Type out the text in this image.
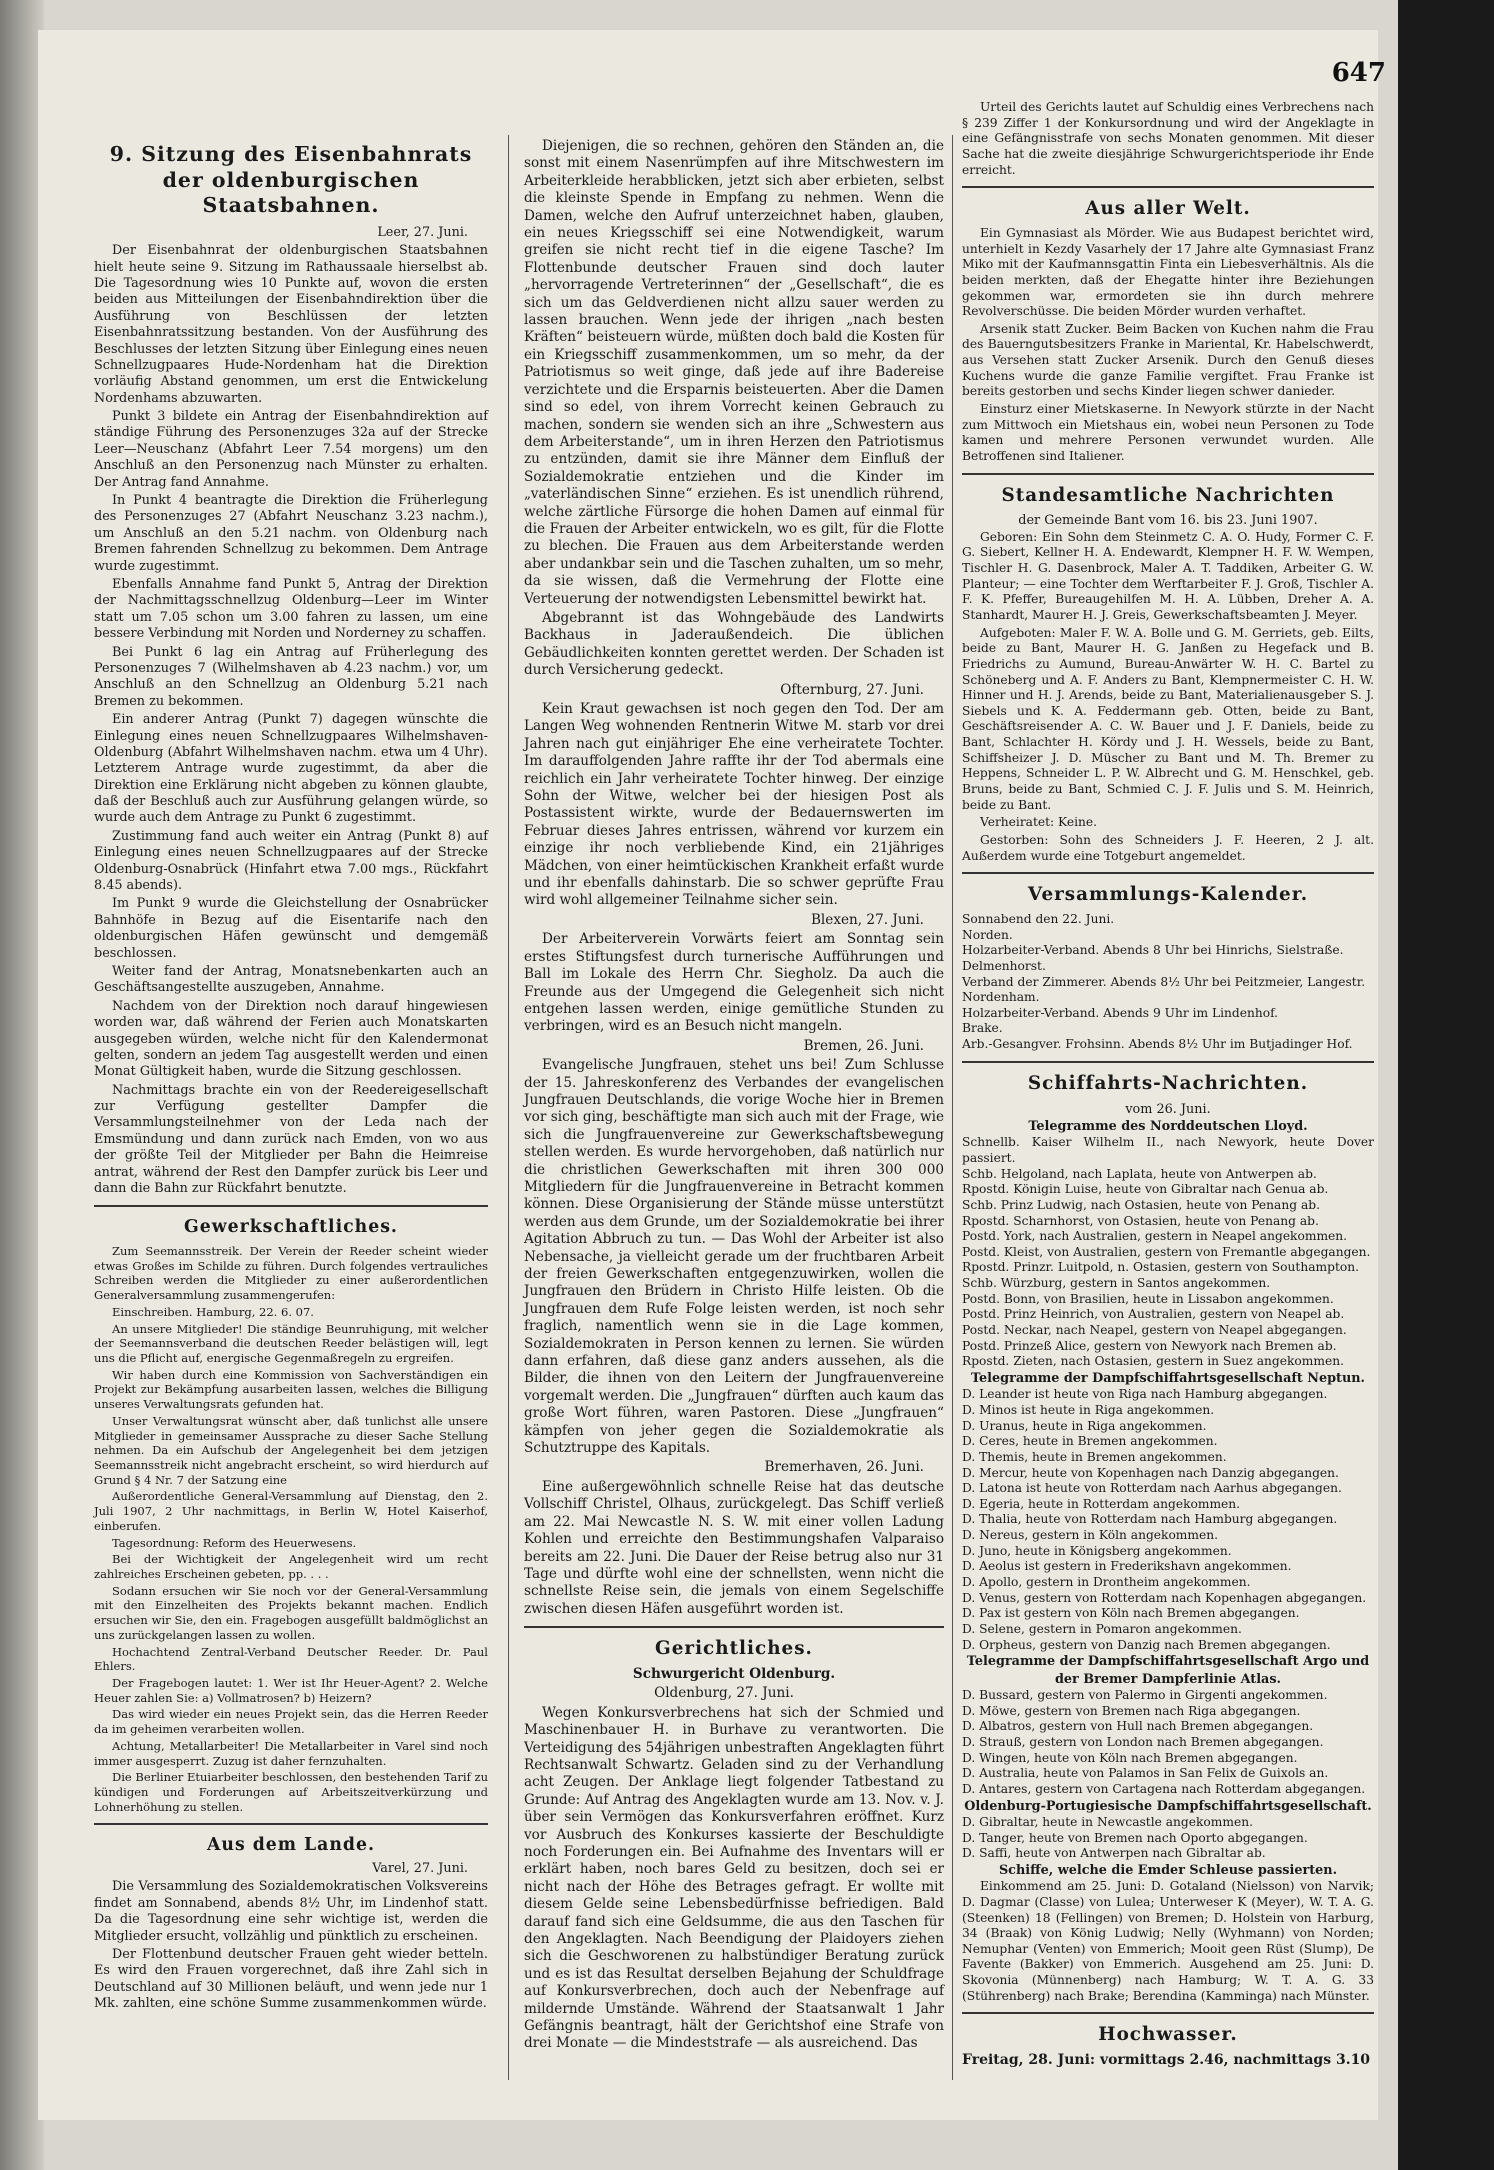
647
9. Sitzung des Eisenbahnrats der oldenburgischen Staatsbahnen.
Leer, 27. Juni.

Der Eisenbahnrat der oldenburgischen Staatsbahnen hielt heute seine 9. Sitzung im Rathaussaale hierselbst ab. Die Tagesordnung wies 10 Punkte auf, wovon die ersten beiden aus Mitteilungen der Eisenbahndirektion über die Ausführung von Beschlüssen der letzten Eisenbahnratssitzung bestanden. Von der Ausführung des Beschlusses der letzten Sitzung über Einlegung eines neuen Schnellzugpaares Hude-Nordenham hat die Direktion vorläufig Abstand genommen, um erst die Entwickelung Nordenhams abzuwarten.

Punkt 3 bildete ein Antrag der Eisenbahndirektion auf ständige Führung des Personenzuges 32a auf der Strecke Leer—Neuschanz (Abfahrt Leer 7.54 morgens) um den Anschluß an den Personenzug nach Münster zu erhalten. Der Antrag fand Annahme.

In Punkt 4 beantragte die Direktion die Früherlegung des Personenzuges 27 (Abfahrt Neuschanz 3.23 nachm.), um Anschluß an den 5.21 nachm. von Oldenburg nach Bremen fahrenden Schnellzug zu bekommen. Dem Antrage wurde zugestimmt.

Ebenfalls Annahme fand Punkt 5, Antrag der Direktion der Nachmittagsschnellzug Oldenburg—Leer im Winter statt um 7.05 schon um 3.00 fahren zu lassen, um eine bessere Verbindung mit Norden und Norderney zu schaffen.

Bei Punkt 6 lag ein Antrag auf Früherlegung des Personenzuges 7 (Wilhelmshaven ab 4.23 nachm.) vor, um Anschluß an den Schnellzug an Oldenburg 5.21 nach Bremen zu bekommen.

Ein anderer Antrag (Punkt 7) dagegen wünschte die Einlegung eines neuen Schnellzugpaares Wilhelmshaven-Oldenburg (Abfahrt Wilhelmshaven nachm. etwa um 4 Uhr). Letzterem Antrage wurde zugestimmt, da aber die Direktion eine Erklärung nicht abgeben zu können glaubte, daß der Beschluß auch zur Ausführung gelangen würde, so wurde auch dem Antrage zu Punkt 6 zugestimmt.

Zustimmung fand auch weiter ein Antrag (Punkt 8) auf Einlegung eines neuen Schnellzugpaares auf der Strecke Oldenburg-Osnabrück (Hinfahrt etwa 7.00 mgs., Rückfahrt 8.45 abends).

Im Punkt 9 wurde die Gleichstellung der Osnabrücker Bahnhöfe in Bezug auf die Eisentarife nach den oldenburgischen Häfen gewünscht und demgemäß beschlossen.

Weiter fand der Antrag, Monatsnebenkarten auch an Geschäftsangestellte auszugeben, Annahme.

Nachdem von der Direktion noch darauf hingewiesen worden war, daß während der Ferien auch Monatskarten ausgegeben würden, welche nicht für den Kalendermonat gelten, sondern an jedem Tag ausgestellt werden und einen Monat Gültigkeit haben, wurde die Sitzung geschlossen.

Nachmittags brachte ein von der Reedereigesellschaft zur Verfügung gestellter Dampfer die Versammlungsteilnehmer von der Leda nach der Emsmündung und dann zurück nach Emden, von wo aus der größte Teil der Mitglieder per Bahn die Heimreise antrat, während der Rest den Dampfer zurück bis Leer und dann die Bahn zur Rückfahrt benutzte.

Gewerkschaftliches.

Zum Seemannsstreik. Der Verein der Reeder scheint wieder etwas Großes im Schilde zu führen. Durch folgendes vertrauliches Schreiben werden die Mitglieder zu einer außerordentlichen Generalversammlung zusammengerufen:

Einschreiben. Hamburg, 22. 6. 07.

An unsere Mitglieder! Die ständige Beunruhigung, mit welcher der Seemannsverband die deutschen Reeder belästigen will, legt uns die Pflicht auf, energische Gegenmaßregeln zu ergreifen.

Wir haben durch eine Kommission von Sachverständigen ein Projekt zur Bekämpfung ausarbeiten lassen, welches die Billigung unseres Verwaltungsrats gefunden hat.

Unser Verwaltungsrat wünscht aber, daß tunlichst alle unsere Mitglieder in gemeinsamer Aussprache zu dieser Sache Stellung nehmen. Da ein Aufschub der Angelegenheit bei dem jetzigen Seemannsstreik nicht angebracht erscheint, so wird hierdurch auf Grund § 4 Nr. 7 der Satzung eine

Außerordentliche General-Versammlung auf Dienstag, den 2. Juli 1907, 2 Uhr nachmittags, in Berlin W, Hotel Kaiserhof, einberufen.

Tagesordnung: Reform des Heuerwesens.

Bei der Wichtigkeit der Angelegenheit wird um recht zahlreiches Erscheinen gebeten, pp. . . .

Sodann ersuchen wir Sie noch vor der General-Versammlung mit den Einzelheiten des Projekts bekannt machen. Endlich ersuchen wir Sie, den ein. Fragebogen ausgefüllt baldmöglichst an uns zurückgelangen lassen zu wollen.

Hochachtend Zentral-Verband Deutscher Reeder. Dr. Paul Ehlers.

Der Fragebogen lautet: 1. Wer ist Ihr Heuer-Agent? 2. Welche Heuer zahlen Sie: a) Vollmatrosen? b) Heizern?

Das wird wieder ein neues Projekt sein, das die Herren Reeder da im geheimen verarbeiten wollen.

Achtung, Metallarbeiter! Die Metallarbeiter in Varel sind noch immer ausgesperrt. Zuzug ist daher fernzuhalten.

Die Berliner Etuiarbeiter beschlossen, den bestehenden Tarif zu kündigen und Forderungen auf Arbeitszeitverkürzung und Lohnerhöhung zu stellen.

Aus dem Lande.
Varel, 27. Juni.

Die Versammlung des Sozialdemokratischen Volksvereins findet am Sonnabend, abends 8½ Uhr, im Lindenhof statt. Da die Tagesordnung eine sehr wichtige ist, werden die Mitglieder ersucht, vollzählig und pünktlich zu erscheinen.

Der Flottenbund deutscher Frauen geht wieder betteln. Es wird den Frauen vorgerechnet, daß ihre Zahl sich in Deutschland auf 30 Millionen beläuft, und wenn jede nur 1 Mk. zahlten, eine schöne Summe zusammenkommen würde.

Diejenigen, die so rechnen, gehören den Ständen an, die sonst mit einem Nasenrümpfen auf ihre Mitschwestern im Arbeiterkleide herabblicken, jetzt sich aber erbieten, selbst die kleinste Spende in Empfang zu nehmen. Wenn die Damen, welche den Aufruf unterzeichnet haben, glauben, ein neues Kriegsschiff sei eine Notwendigkeit, warum greifen sie nicht recht tief in die eigene Tasche? Im Flottenbunde deutscher Frauen sind doch lauter „hervorragende Vertreterinnen“ der „Gesellschaft“, die es sich um das Geldverdienen nicht allzu sauer werden zu lassen brauchen. Wenn jede der ihrigen „nach besten Kräften“ beisteuern würde, müßten doch bald die Kosten für ein Kriegsschiff zusammenkommen, um so mehr, da der Patriotismus so weit ginge, daß jede auf ihre Badereise verzichtete und die Ersparnis beisteuerten. Aber die Damen sind so edel, von ihrem Vorrecht keinen Gebrauch zu machen, sondern sie wenden sich an ihre „Schwestern aus dem Arbeiterstande“, um in ihren Herzen den Patriotismus zu entzünden, damit sie ihre Männer dem Einfluß der Sozialdemokratie entziehen und die Kinder im „vaterländischen Sinne“ erziehen. Es ist unendlich rührend, welche zärtliche Fürsorge die hohen Damen auf einmal für die Frauen der Arbeiter entwickeln, wo es gilt, für die Flotte zu blechen. Die Frauen aus dem Arbeiterstande werden aber undankbar sein und die Taschen zuhalten, um so mehr, da sie wissen, daß die Vermehrung der Flotte eine Verteuerung der notwendigsten Lebensmittel bewirkt hat.

Abgebrannt ist das Wohngebäude des Landwirts Backhaus in Jaderaußendeich. Die üblichen Gebäudlichkeiten konnten gerettet werden. Der Schaden ist durch Versicherung gedeckt.

Ofternburg, 27. Juni.

Kein Kraut gewachsen ist noch gegen den Tod. Der am Langen Weg wohnenden Rentnerin Witwe M. starb vor drei Jahren nach gut einjähriger Ehe eine verheiratete Tochter. Im darauffolgenden Jahre raffte ihr der Tod abermals eine reichlich ein Jahr verheiratete Tochter hinweg. Der einzige Sohn der Witwe, welcher bei der hiesigen Post als Postassistent wirkte, wurde der Bedauernswerten im Februar dieses Jahres entrissen, während vor kurzem ein einzige ihr noch verbliebende Kind, ein 21jähriges Mädchen, von einer heimtückischen Krankheit erfaßt wurde und ihr ebenfalls dahinstarb. Die so schwer geprüfte Frau wird wohl allgemeiner Teilnahme sicher sein.

Blexen, 27. Juni.

Der Arbeiterverein Vorwärts feiert am Sonntag sein erstes Stiftungsfest durch turnerische Aufführungen und Ball im Lokale des Herrn Chr. Siegholz. Da auch die Freunde aus der Umgegend die Gelegenheit sich nicht entgehen lassen werden, einige gemütliche Stunden zu verbringen, wird es an Besuch nicht mangeln.

Bremen, 26. Juni.

Evangelische Jungfrauen, stehet uns bei! Zum Schlusse der 15. Jahreskonferenz des Verbandes der evangelischen Jungfrauen Deutschlands, die vorige Woche hier in Bremen vor sich ging, beschäftigte man sich auch mit der Frage, wie sich die Jungfrauenvereine zur Gewerkschaftsbewegung stellen werden. Es wurde hervorgehoben, daß natürlich nur die christlichen Gewerkschaften mit ihren 300 000 Mitgliedern für die Jungfrauenvereine in Betracht kommen können. Diese Organisierung der Stände müsse unterstützt werden aus dem Grunde, um der Sozialdemokratie bei ihrer Agitation Abbruch zu tun. — Das Wohl der Arbeiter ist also Nebensache, ja vielleicht gerade um der fruchtbaren Arbeit der freien Gewerkschaften entgegenzuwirken, wollen die Jungfrauen den Brüdern in Christo Hilfe leisten. Ob die Jungfrauen dem Rufe Folge leisten werden, ist noch sehr fraglich, namentlich wenn sie in die Lage kommen, Sozialdemokraten in Person kennen zu lernen. Sie würden dann erfahren, daß diese ganz anders aussehen, als die Bilder, die ihnen von den Leitern der Jungfrauenvereine vorgemalt werden. Die „Jungfrauen“ dürften auch kaum das große Wort führen, waren Pastoren. Diese „Jungfrauen“ kämpfen von jeher gegen die Sozialdemokratie als Schutztruppe des Kapitals.

Bremerhaven, 26. Juni.

Eine außergewöhnlich schnelle Reise hat das deutsche Vollschiff Christel, Olhaus, zurückgelegt. Das Schiff verließ am 22. Mai Newcastle N. S. W. mit einer vollen Ladung Kohlen und erreichte den Bestimmungshafen Valparaiso bereits am 22. Juni. Die Dauer der Reise betrug also nur 31 Tage und dürfte wohl eine der schnellsten, wenn nicht die schnellste Reise sein, die jemals von einem Segelschiffe zwischen diesen Häfen ausgeführt worden ist.

Gerichtliches.
Schwurgericht Oldenburg.
Oldenburg, 27. Juni.

Wegen Konkursverbrechens hat sich der Schmied und Maschinenbauer H. in Burhave zu verantworten. Die Verteidigung des 54jährigen unbestraften Angeklagten führt Rechtsanwalt Schwartz. Geladen sind zu der Verhandlung acht Zeugen. Der Anklage liegt folgender Tatbestand zu Grunde: Auf Antrag des Angeklagten wurde am 13. Nov. v. J. über sein Vermögen das Konkursverfahren eröffnet. Kurz vor Ausbruch des Konkurses kassierte der Beschuldigte noch Forderungen ein. Bei Aufnahme des Inventars will er erklärt haben, noch bares Geld zu besitzen, doch sei er nicht nach der Höhe des Betrages gefragt. Er wollte mit diesem Gelde seine Lebensbedürfnisse befriedigen. Bald darauf fand sich eine Geldsumme, die aus den Taschen für den Angeklagten. Nach Beendigung der Plaidoyers ziehen sich die Geschworenen zu halbstündiger Beratung zurück und es ist das Resultat derselben Bejahung der Schuldfrage auf Konkursverbrechen, doch auch der Nebenfrage auf mildernde Umstände. Während der Staatsanwalt 1 Jahr Gefängnis beantragt, hält der Gerichtshof eine Strafe von drei Monate — die Mindeststrafe — als ausreichend. Das

Urteil des Gerichts lautet auf Schuldig eines Verbrechens nach § 239 Ziffer 1 der Konkursordnung und wird der Angeklagte in eine Gefängnisstrafe von sechs Monaten genommen. Mit dieser Sache hat die zweite diesjährige Schwurgerichtsperiode ihr Ende erreicht.

Aus aller Welt.

Ein Gymnasiast als Mörder. Wie aus Budapest berichtet wird, unterhielt in Kezdy Vasarhely der 17 Jahre alte Gymnasiast Franz Miko mit der Kaufmannsgattin Finta ein Liebesverhältnis. Als die beiden merkten, daß der Ehegatte hinter ihre Beziehungen gekommen war, ermordeten sie ihn durch mehrere Revolverschüsse. Die beiden Mörder wurden verhaftet.

Arsenik statt Zucker. Beim Backen von Kuchen nahm die Frau des Bauerngutsbesitzers Franke in Mariental, Kr. Habelschwerdt, aus Versehen statt Zucker Arsenik. Durch den Genuß dieses Kuchens wurde die ganze Familie vergiftet. Frau Franke ist bereits gestorben und sechs Kinder liegen schwer danieder.

Einsturz einer Mietskaserne. In Newyork stürzte in der Nacht zum Mittwoch ein Mietshaus ein, wobei neun Personen zu Tode kamen und mehrere Personen verwundet wurden. Alle Betroffenen sind Italiener.

Standesamtliche Nachrichten
der Gemeinde Bant vom 16. bis 23. Juni 1907.

Geboren: Ein Sohn dem Steinmetz C. A. O. Hudy, Former C. F. G. Siebert, Kellner H. A. Endewardt, Klempner H. F. W. Wempen, Tischler H. G. Dasenbrock, Maler A. T. Taddiken, Arbeiter G. W. Planteur; — eine Tochter dem Werftarbeiter F. J. Groß, Tischler A. F. K. Pfeffer, Bureaugehilfen M. H. A. Lübben, Dreher A. A. Stanhardt, Maurer H. J. Greis, Gewerkschaftsbeamten J. Meyer.

Aufgeboten: Maler F. W. A. Bolle und G. M. Gerriets, geb. Eilts, beide zu Bant, Maurer H. G. Janßen zu Hegefack und B. Friedrichs zu Aumund, Bureau-Anwärter W. H. C. Bartel zu Schöneberg und A. F. Anders zu Bant, Klempnermeister C. H. W. Hinner und H. J. Arends, beide zu Bant, Materialienausgeber S. J. Siebels und K. A. Feddermann geb. Otten, beide zu Bant, Geschäftsreisender A. C. W. Bauer und J. F. Daniels, beide zu Bant, Schlachter H. Kördy und J. H. Wessels, beide zu Bant, Schiffsheizer J. D. Müscher zu Bant und M. Th. Bremer zu Heppens, Schneider L. P. W. Albrecht und G. M. Henschkel, geb. Bruns, beide zu Bant, Schmied C. J. F. Julis und S. M. Heinrich, beide zu Bant.

Verheiratet: Keine.

Gestorben: Sohn des Schneiders J. F. Heeren, 2 J. alt. Außerdem wurde eine Totgeburt angemeldet.

Versammlungs-Kalender.
Sonnabend den 22. Juni.
Norden.
Holzarbeiter-Verband. Abends 8 Uhr bei Hinrichs, Sielstraße.
Delmenhorst.
Verband der Zimmerer. Abends 8½ Uhr bei Peitzmeier, Langestr.
Nordenham.
Holzarbeiter-Verband. Abends 9 Uhr im Lindenhof.
Brake.
Arb.-Gesangver. Frohsinn. Abends 8½ Uhr im Butjadinger Hof.
Schiffahrts-Nachrichten.
vom 26. Juni.
Telegramme des Norddeutschen Lloyd.
Schnellb. Kaiser Wilhelm II., nach Newyork, heute Dover passiert.
Schb. Helgoland, nach Laplata, heute von Antwerpen ab.
Rpostd. Königin Luise, heute von Gibraltar nach Genua ab.
Schb. Prinz Ludwig, nach Ostasien, heute von Penang ab.
Rpostd. Scharnhorst, von Ostasien, heute von Penang ab.
Postd. York, nach Australien, gestern in Neapel angekommen.
Postd. Kleist, von Australien, gestern von Fremantle abgegangen.
Rpostd. Prinzr. Luitpold, n. Ostasien, gestern von Southampton.
Schb. Würzburg, gestern in Santos angekommen.
Postd. Bonn, von Brasilien, heute in Lissabon angekommen.
Postd. Prinz Heinrich, von Australien, gestern von Neapel ab.
Postd. Neckar, nach Neapel, gestern von Neapel abgegangen.
Postd. Prinzeß Alice, gestern von Newyork nach Bremen ab.
Rpostd. Zieten, nach Ostasien, gestern in Suez angekommen.
Telegramme der Dampfschiffahrtsgesellschaft Neptun.
D. Leander ist heute von Riga nach Hamburg abgegangen.
D. Minos ist heute in Riga angekommen.
D. Uranus, heute in Riga angekommen.
D. Ceres, heute in Bremen angekommen.
D. Themis, heute in Bremen angekommen.
D. Mercur, heute von Kopenhagen nach Danzig abgegangen.
D. Latona ist heute von Rotterdam nach Aarhus abgegangen.
D. Egeria, heute in Rotterdam angekommen.
D. Thalia, heute von Rotterdam nach Hamburg abgegangen.
D. Nereus, gestern in Köln angekommen.
D. Juno, heute in Königsberg angekommen.
D. Aeolus ist gestern in Frederikshavn angekommen.
D. Apollo, gestern in Drontheim angekommen.
D. Venus, gestern von Rotterdam nach Kopenhagen abgegangen.
D. Pax ist gestern von Köln nach Bremen abgegangen.
D. Selene, gestern in Pomaron angekommen.
D. Orpheus, gestern von Danzig nach Bremen abgegangen.
Telegramme der Dampfschiffahrtsgesellschaft Argo und der Bremer Dampferlinie Atlas.
D. Bussard, gestern von Palermo in Girgenti angekommen.
D. Möwe, gestern von Bremen nach Riga abgegangen.
D. Albatros, gestern von Hull nach Bremen abgegangen.
D. Strauß, gestern von London nach Bremen abgegangen.
D. Wingen, heute von Köln nach Bremen abgegangen.
D. Australia, heute von Palamos in San Felix de Guixols an.
D. Antares, gestern von Cartagena nach Rotterdam abgegangen.
Oldenburg-Portugiesische Dampfschiffahrtsgesellschaft.
D. Gibraltar, heute in Newcastle angekommen.
D. Tanger, heute von Bremen nach Oporto abgegangen.
D. Saffi, heute von Antwerpen nach Gibraltar ab.
Schiffe, welche die Emder Schleuse passierten.

Einkommend am 25. Juni: D. Gotaland (Nielsson) von Narvik; D. Dagmar (Classe) von Lulea; Unterweser K (Meyer), W. T. A. G. (Steenken) 18 (Fellingen) von Bremen; D. Holstein von Harburg, 34 (Braak) von König Ludwig; Nelly (Wyhmann) von Norden; Nemuphar (Venten) von Emmerich; Mooit geen Rüst (Slump), De Favente (Bakker) von Emmerich. Ausgehend am 25. Juni: D. Skovonia (Münnenberg) nach Hamburg; W. T. A. G. 33 (Stührenberg) nach Brake; Berendina (Kamminga) nach Münster.

Hochwasser.
Freitag, 28. Juni: vormittags 2.46, nachmittags 3.10
